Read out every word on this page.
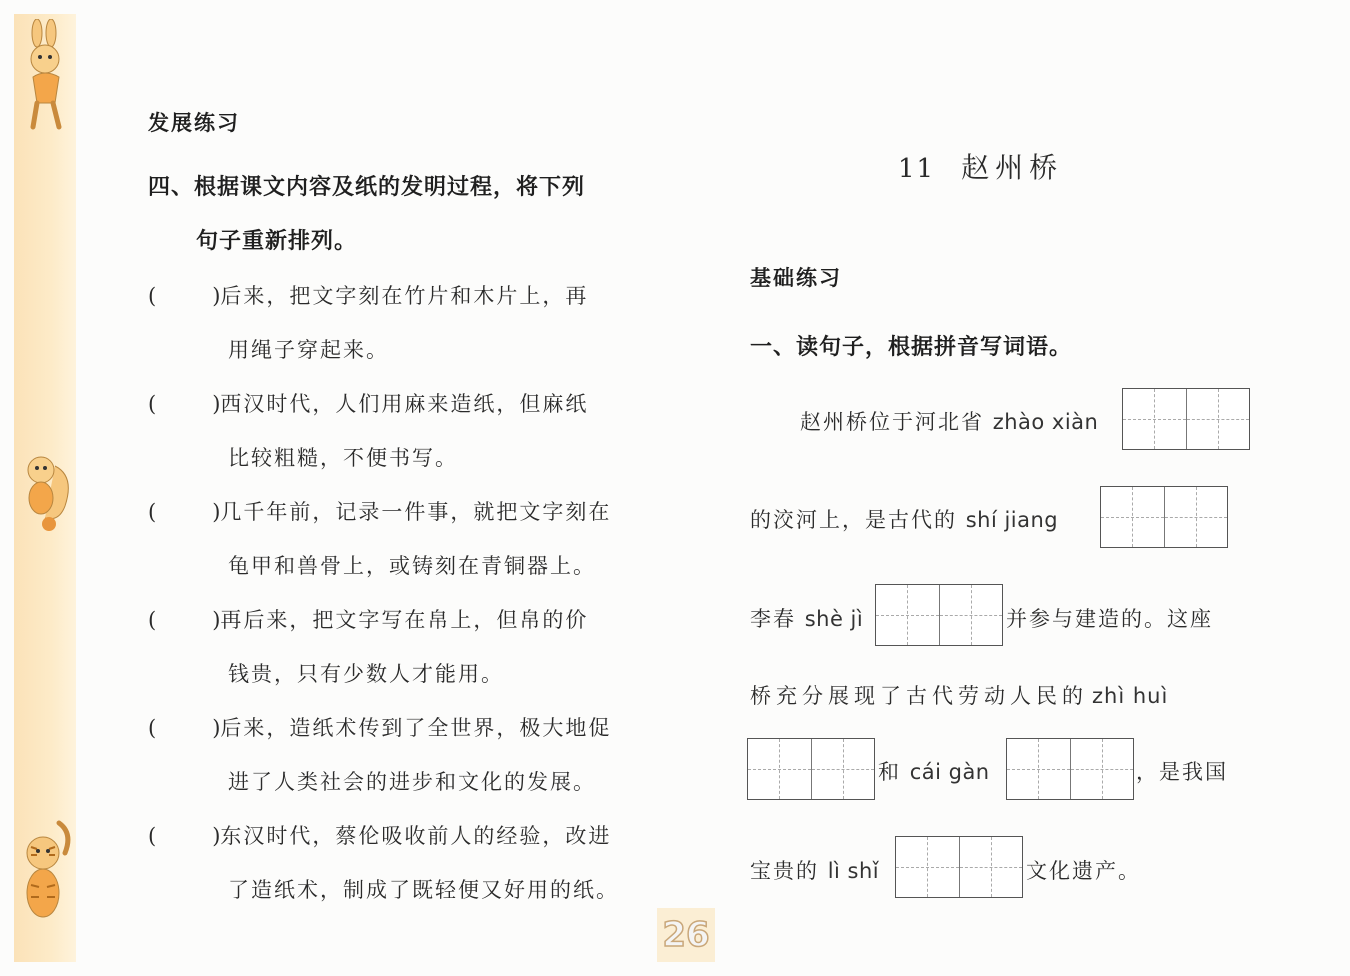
发展练习
四、根据课文内容及纸的发明过程，将下列
句子重新排列。
(	)后来，把文字刻在竹片和木片上，再
用绳子穿起来。
(	)西汉时代，人们用麻来造纸，但麻纸
比较粗糙，不便书写。
(	)几千年前，记录一件事，就把文字刻在
龟甲和兽骨上，或铸刻在青铜器上。
(	)再后来，把文字写在帛上，但帛的价
钱贵，只有少数人才能用。
(	)后来，造纸术传到了全世界，极大地促
进了人类社会的进步和文化的发展。
(	)东汉时代，蔡伦吸收前人的经验，改进
了造纸术，制成了既轻便又好用的纸。
11 赵州桥
基础练习
一、读句子，根据拼音写词语。
赵州桥位于河北省 zhào xiàn
的洨河上，是古代的 shí jiang
李春 shè jì	并参与建造的。这座
桥充分展现了古代劳动人民的 zhì huì
和 cái gàn	，是我国
宝贵的 lì shǐ	文化遗产。
26
